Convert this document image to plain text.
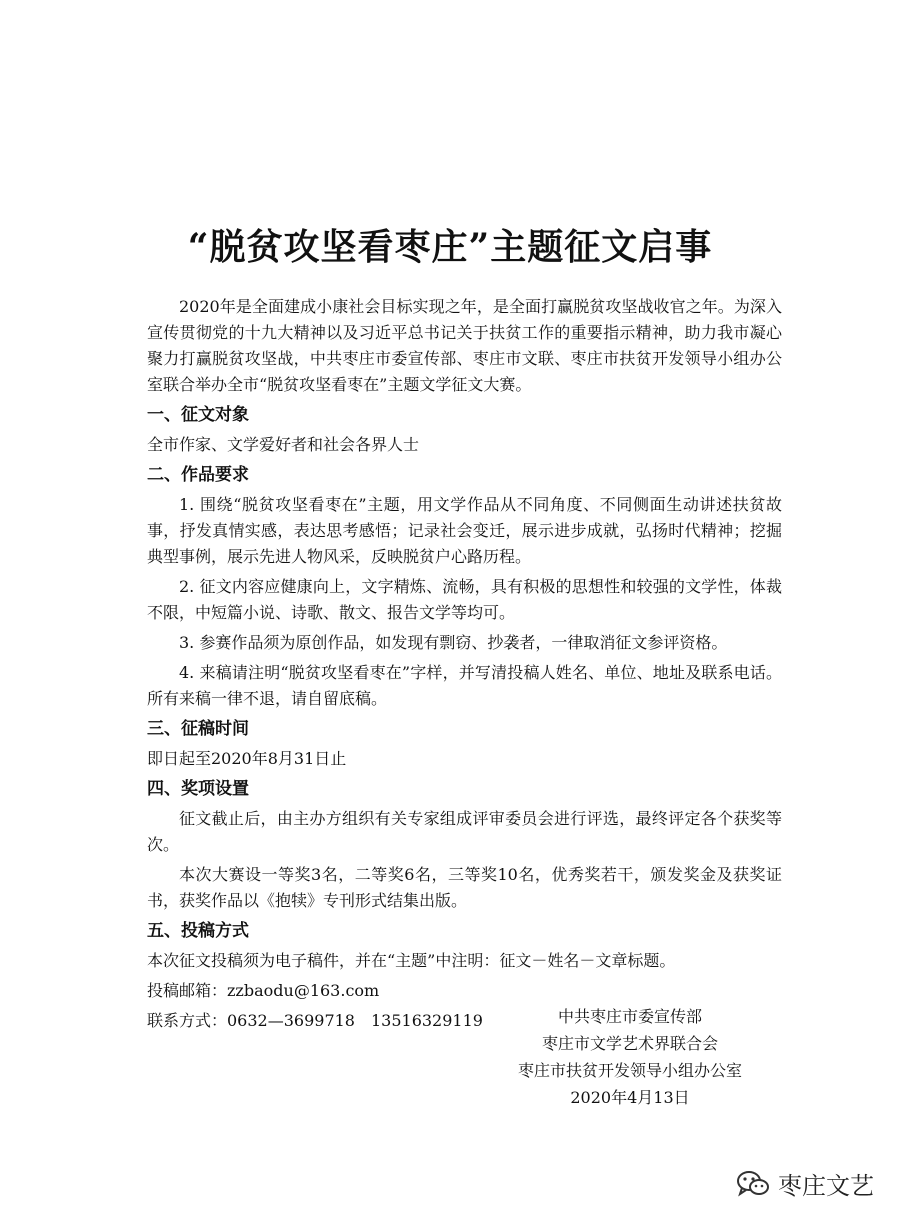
“脱贫攻坚看枣庄”主题征文启事

2020年是全面建成小康社会目标实现之年，是全面打赢脱贫攻坚战收官之年。为深入宣传贯彻党的十九大精神以及习近平总书记关于扶贫工作的重要指示精神，助力我市凝心聚力打赢脱贫攻坚战，中共枣庄市委宣传部、枣庄市文联、枣庄市扶贫开发领导小组办公室联合举办全市“脱贫攻坚看枣在”主题文学征文大赛。

一、征文对象

全市作家、文学爱好者和社会各界人士

二、作品要求

1. 围绕“脱贫攻坚看枣在”主题，用文学作品从不同角度、不同侧面生动讲述扶贫故事，抒发真情实感，表达思考感悟；记录社会变迁，展示进步成就，弘扬时代精神；挖掘典型事例，展示先进人物风采，反映脱贫户心路历程。

2. 征文内容应健康向上，文字精炼、流畅，具有积极的思想性和较强的文学性，体裁不限，中短篇小说、诗歌、散文、报告文学等均可。

3. 参赛作品须为原创作品，如发现有剽窃、抄袭者，一律取消征文参评资格。

4. 来稿请注明“脱贫攻坚看枣在”字样，并写清投稿人姓名、单位、地址及联系电话。所有来稿一律不退，请自留底稿。

三、征稿时间

即日起至2020年8月31日止

四、奖项设置

征文截止后，由主办方组织有关专家组成评审委员会进行评选，最终评定各个获奖等次。

本次大赛设一等奖3名，二等奖6名，三等奖10名，优秀奖若干，颁发奖金及获奖证书，获奖作品以《抱犊》专刊形式结集出版。

五、投稿方式

本次征文投稿须为电子稿件，并在“主题”中注明：征文－姓名－文章标题。

投稿邮箱：zzbaodu@163.com

联系方式：0632—3699718　13516329119	中共枣庄市委宣传部
枣庄市文学艺术界联合会
枣庄市扶贫开发领导小组办公室
2020年4月13日
枣庄文艺
